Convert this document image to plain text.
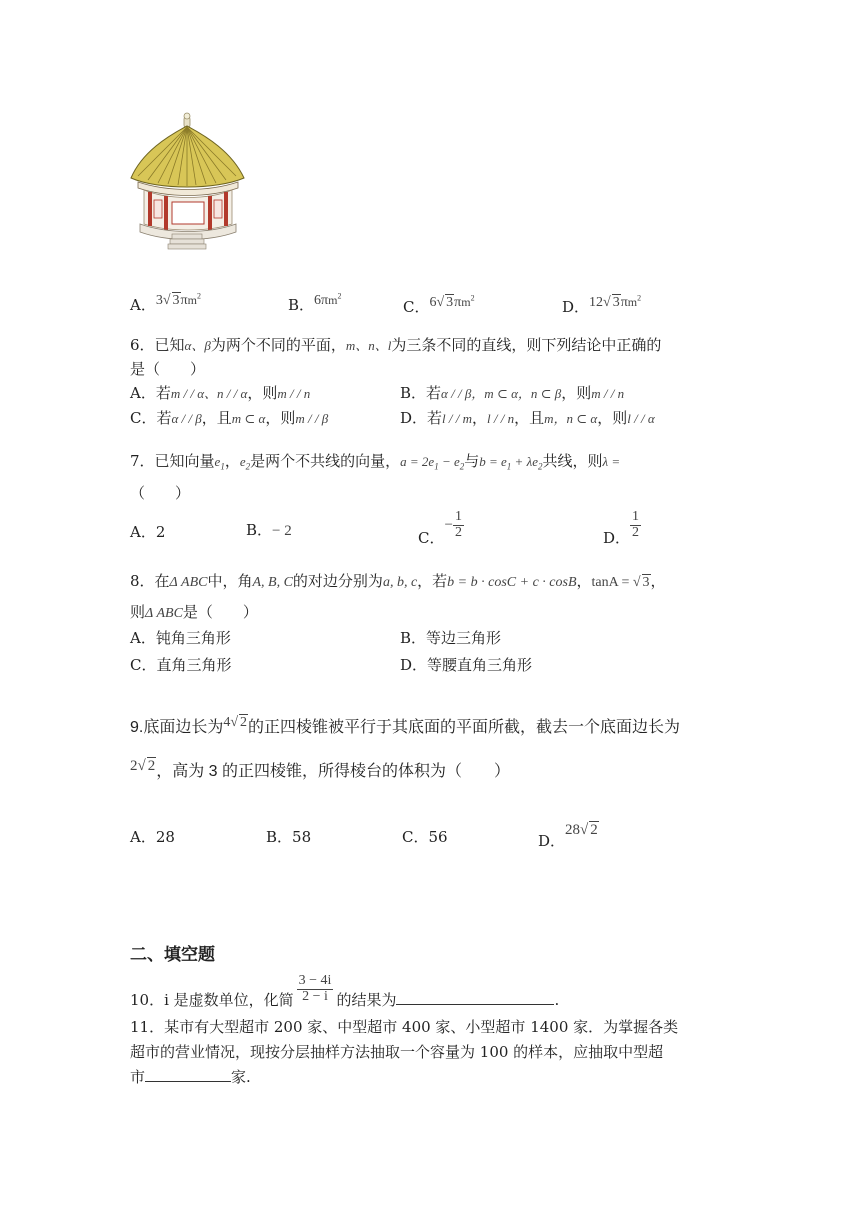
A．3√ $3\pi m^2$
B．$6\pi m^2$
C．6√ $3\pi m^2$
D．12√ $3\pi m^2$
6．已知α、β为两个不同的平面，m、n、l为三条不同的直线，则下列结论中正确的
是（　　）
A．若m / / α、n / / α，则m / / n	B．若α / / β，m ⊂ α，n ⊂ β，则m / / n
C．若α / / β，且m ⊂ α，则m / / β	D．若l / / m，l / / n，且m，n ⊂ α，则l / / α
7．已知向量$e_1$，$e_2$是两个不共线的向量，$a = 2e_1 - e_2$与$b = e_1 + \lambda e_2$共线，则λ =
（　　）
A．2	B．− 2	C．− $\frac{1}{2}$	D． $\frac{1}{2}$
8．在Δ ABC中，角A, B, C的对边分别为a, b, c，若b = b · cosC + c · cosB，tanA = √ 3，
则Δ ABC是（　　）
A．钝角三角形	B．等边三角形
C．直角三角形	D．等腰直角三角形
9.底面边长为4√ 2的正四棱锥被平行于其底面的平面所截，截去一个底面边长为
2√ 2，高为 3 的正四棱锥，所得棱台的体积为（　　）
A．28	B．58	C．56	D．28√ 2
二、填空题
10．i 是虚数单位，化简 $\frac{3 - 4i}{2 - i}$ 的结果为	.
11．某市有大型超市 200 家、中型超市 400 家、小型超市 1400 家．为掌握各类
超市的营业情况，现按分层抽样方法抽取一个容量为 100 的样本，应抽取中型超
市	家.
